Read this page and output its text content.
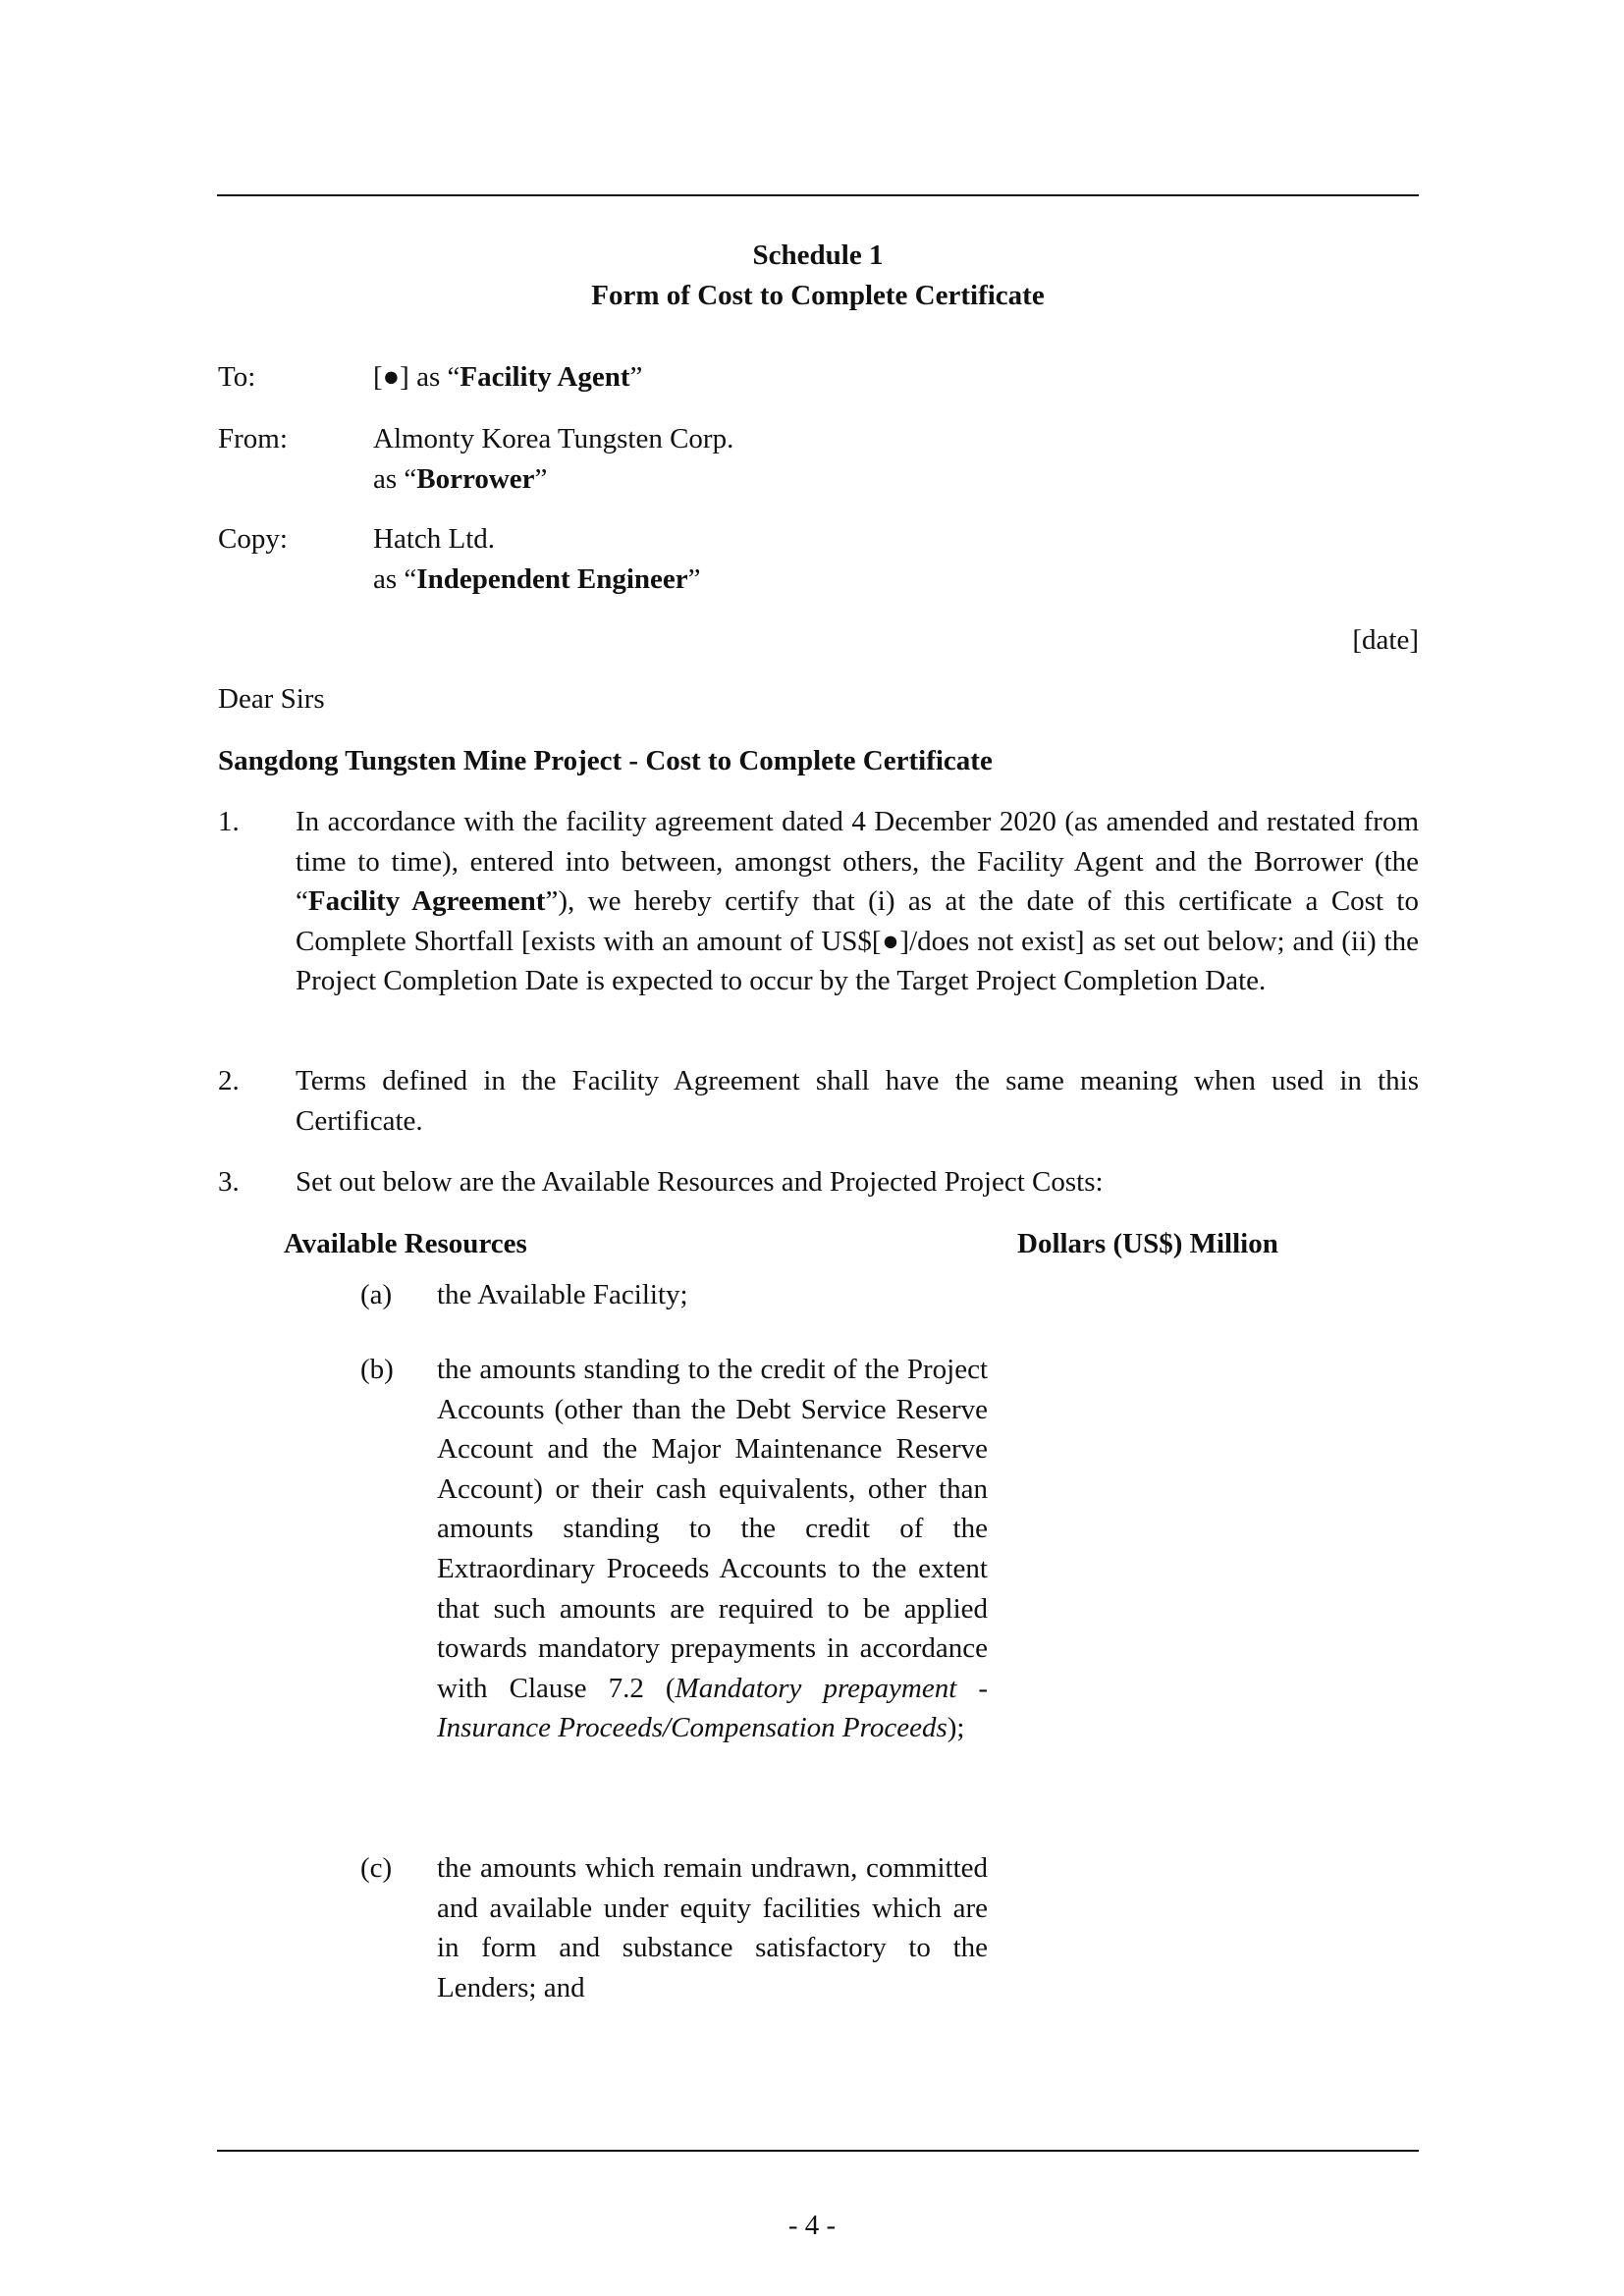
Schedule 1
Form of Cost to Complete Certificate
To:	[●] as “Facility Agent”
From:	Almonty Korea Tungsten Corp.
as “Borrower”
Copy:	Hatch Ltd.
as “Independent Engineer”
[date]
Dear Sirs
Sangdong Tungsten Mine Project - Cost to Complete Certificate
1. In accordance with the facility agreement dated 4 December 2020 (as amended and restated from time to time), entered into between, amongst others, the Facility Agent and the Borrower (the “Facility Agreement”), we hereby certify that (i) as at the date of this certificate a Cost to Complete Shortfall [exists with an amount of US$[●]/does not exist] as set out below; and (ii) the Project Completion Date is expected to occur by the Target Project Completion Date.
2. Terms defined in the Facility Agreement shall have the same meaning when used in this Certificate.
3. Set out below are the Available Resources and Projected Project Costs:
Available Resources	Dollars (US$) Million
(a) the Available Facility;
(b) the amounts standing to the credit of the Project Accounts (other than the Debt Service Reserve Account and the Major Maintenance Reserve Account) or their cash equivalents, other than amounts standing to the credit of the Extraordinary Proceeds Accounts to the extent that such amounts are required to be applied towards mandatory prepayments in accordance with Clause 7.2 (Mandatory prepayment - Insurance Proceeds/Compensation Proceeds);
(c) the amounts which remain undrawn, committed and available under equity facilities which are in form and substance satisfactory to the Lenders; and
- 4 -
